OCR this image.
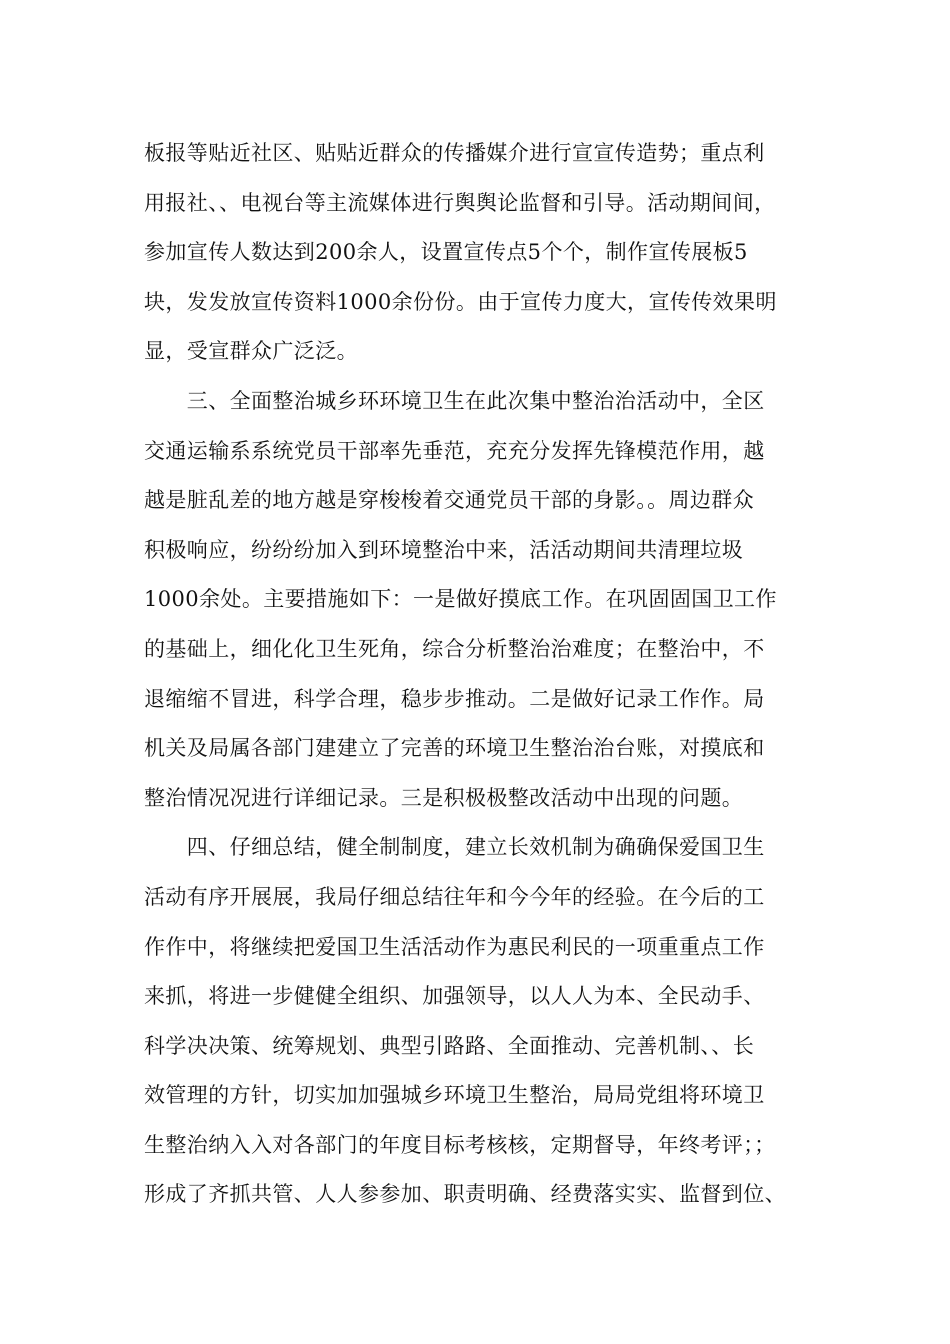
板报等贴近社区、贴贴近群众的传播媒介进行宣宣传造势；重点利
用报社、、电视台等主流媒体进行舆舆论监督和引导。活动期间间，
参加宣传人数达到200余人，设置宣传点5个个，制作宣传展板5
块，发发放宣传资料1000余份份。由于宣传力度大，宣传传效果明
显，受宣群众广泛泛。
　　三、全面整治城乡环环境卫生在此次集中整治治活动中，全区
交通运输系系统党员干部率先垂范，充充分发挥先锋模范作用，越
越是脏乱差的地方越是穿梭梭着交通党员干部的身影。。周边群众
积极响应，纷纷纷加入到环境整治中来，活活动期间共清理垃圾
1000余处。主要措施如下：一是做好摸底工作。在巩固固国卫工作
的基础上，细化化卫生死角，综合分析整治治难度；在整治中，不
退缩缩不冒进，科学合理，稳步步推动。二是做好记录工作作。局
机关及局属各部门建建立了完善的环境卫生整治治台账，对摸底和
整治情况况进行详细记录。三是积极极整改活动中出现的问题。
　　四、仔细总结，健全制制度，建立长效机制为确确保爱国卫生
活动有序开展展，我局仔细总结往年和今今年的经验。在今后的工
作作中，将继续把爱国卫生活活动作为惠民利民的一项重重点工作
来抓，将进一步健健全组织、加强领导，以人人为本、全民动手、
科学决决策、统筹规划、典型引路路、全面推动、完善机制、、长
效管理的方针，切实加加强城乡环境卫生整治，局局党组将环境卫
生整治纳入入对各部门的年度目标考核核，定期督导，年终考评；；
形成了齐抓共管、人人参参加、职责明确、经费落实实、监督到位、
